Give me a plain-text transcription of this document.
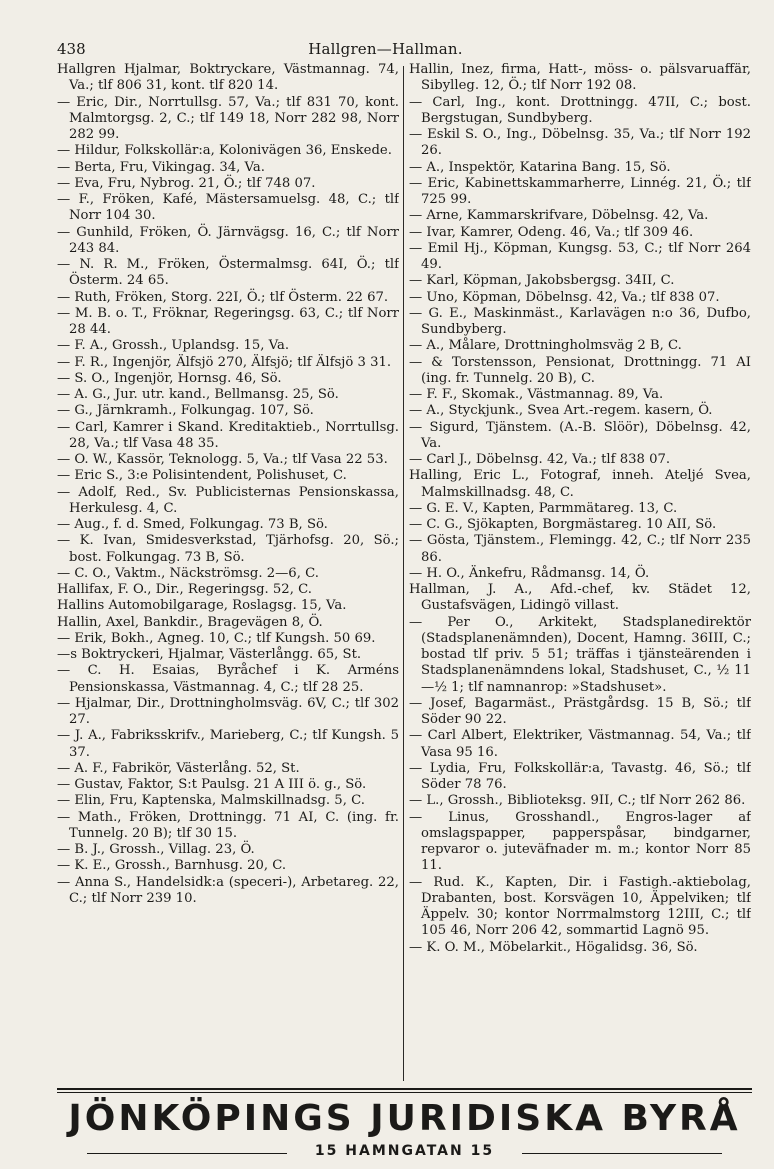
438	Hallgren—Hallman.
Hallgren Hjalmar, Boktryckare, Västmannag. 74, Va.; tlf 806 31, kont. tlf 820 14.
— Eric, Dir., Norrtullsg. 57, Va.; tlf 831 70, kont. Malmtorgsg. 2, C.; tlf 149 18, Norr 282 98, Norr 282 99.
— Hildur, Folkskollär:a, Kolonivägen 36, Enskede.
— Berta, Fru, Vikingag. 34, Va.
— Eva, Fru, Nybrog. 21, Ö.; tlf 748 07.
— F., Fröken, Kafé, Mästersamuelsg. 48, C.; tlf Norr 104 30.
— Gunhild, Fröken, Ö. Järnvägsg. 16, C.; tlf Norr 243 84.
— N. R. M., Fröken, Östermalmsg. 64I, Ö.; tlf Österm. 24 65.
— Ruth, Fröken, Storg. 22I, Ö.; tlf Österm. 22 67.
— M. B. o. T., Fröknar, Regeringsg. 63, C.; tlf Norr 28 44.
— F. A., Grossh., Uplandsg. 15, Va.
— F. R., Ingenjör, Älfsjö 270, Älfsjö; tlf Älfsjö 3 31.
— S. O., Ingenjör, Hornsg. 46, Sö.
— A. G., Jur. utr. kand., Bellmansg. 25, Sö.
— G., Järnkramh., Folkungag. 107, Sö.
— Carl, Kamrer i Skand. Kreditaktieb., Norrtullsg. 28, Va.; tlf Vasa 48 35.
— O. W., Kassör, Teknologg. 5, Va.; tlf Vasa 22 53.
— Eric S., 3:e Polisintendent, Polishuset, C.
— Adolf, Red., Sv. Publicisternas Pensionskassa, Herkulesg. 4, C.
— Aug., f. d. Smed, Folkungag. 73 B, Sö.
— K. Ivan, Smidesverkstad, Tjärhofsg. 20, Sö.; bost. Folkungag. 73 B, Sö.
— C. O., Vaktm., Näckströmsg. 2—6, C.
Hallifax, F. O., Dir., Regeringsg. 52, C.
Hallins Automobilgarage, Roslagsg. 15, Va.
Hallin, Axel, Bankdir., Bragevägen 8, Ö.
— Erik, Bokh., Agneg. 10, C.; tlf Kungsh. 50 69.
—s Boktryckeri, Hjalmar, Västerlångg. 65, St.
— C. H. Esaias, Byråchef i K. Arméns Pensionskassa, Västmannag. 4, C.; tlf 28 25.
— Hjalmar, Dir., Drottningholmsväg. 6V, C.; tlf 302 27.
— J. A., Fabriksskrifv., Marieberg, C.; tlf Kungsh. 5 37.
— A. F., Fabrikör, Västerlång. 52, St.
— Gustav, Faktor, S:t Paulsg. 21 A III ö. g., Sö.
— Elin, Fru, Kaptenska, Malmskillnadsg. 5, C.
— Math., Fröken, Drottningg. 71 AI, C. (ing. fr. Tunnelg. 20 B); tlf 30 15.
— B. J., Grossh., Villag. 23, Ö.
— K. E., Grossh., Barnhusg. 20, C.
— Anna S., Handelsidk:a (speceri-), Arbetareg. 22, C.; tlf Norr 239 10.
Hallin, Inez, firma, Hatt-, möss- o. pälsvaruaffär, Sibylleg. 12, Ö.; tlf Norr 192 08.
— Carl, Ing., kont. Drottningg. 47II, C.; bost. Bergstugan, Sundbyberg.
— Eskil S. O., Ing., Döbelnsg. 35, Va.; tlf Norr 192 26.
— A., Inspektör, Katarina Bang. 15, Sö.
— Eric, Kabinettskammarherre, Linnég. 21, Ö.; tlf 725 99.
— Arne, Kammarskrifvare, Döbelnsg. 42, Va.
— Ivar, Kamrer, Odeng. 46, Va.; tlf 309 46.
— Emil Hj., Köpman, Kungsg. 53, C.; tlf Norr 264 49.
— Karl, Köpman, Jakobsbergsg. 34II, C.
— Uno, Köpman, Döbelnsg. 42, Va.; tlf 838 07.
— G. E., Maskinmäst., Karlavägen n:o 36, Dufbo, Sundbyberg.
— A., Målare, Drottningholmsväg 2 B, C.
— & Torstensson, Pensionat, Drottningg. 71 AI (ing. fr. Tunnelg. 20 B), C.
— F. F., Skomak., Västmannag. 89, Va.
— A., Styckjunk., Svea Art.-regem. kasern, Ö.
— Sigurd, Tjänstem. (A.-B. Slöör), Döbelnsg. 42, Va.
— Carl J., Döbelnsg. 42, Va.; tlf 838 07.
Halling, Eric L., Fotograf, inneh. Ateljé Svea, Malmskillnadsg. 48, C.
— G. E. V., Kapten, Parmmätareg. 13, C.
— C. G., Sjökapten, Borgmästareg. 10 AII, Sö.
— Gösta, Tjänstem., Flemingg. 42, C.; tlf Norr 235 86.
— H. O., Änkefru, Rådmansg. 14, Ö.
Hallman, J. A., Afd.-chef, kv. Städet 12, Gustafsvägen, Lidingö villast.
— Per O., Arkitekt, Stadsplanedirektör (Stadsplanenämnden), Docent, Hamng. 36III, C.; bostad tlf priv. 5 51; träffas i tjänsteärenden i Stadsplanenämndens lokal, Stadshuset, C., ½ 11—½ 1; tlf namnanrop: »Stadshuset».
— Josef, Bagarmäst., Prästgårdsg. 15 B, Sö.; tlf Söder 90 22.
— Carl Albert, Elektriker, Västmannag. 54, Va.; tlf Vasa 95 16.
— Lydia, Fru, Folkskollär:a, Tavastg. 46, Sö.; tlf Söder 78 76.
— L., Grossh., Biblioteksg. 9II, C.; tlf Norr 262 86.
— Linus, Grosshandl., Engros-lager af omslagspapper, papperspåsar, bindgarner, repvaror o. juteväfnader m. m.; kontor Norr 85 11.
— Rud. K., Kapten, Dir. i Fastigh.-aktiebolag, Drabanten, bost. Korsvägen 10, Äppelviken; tlf Äppelv. 30; kontor Norrmalmstorg 12III, C.; tlf 105 46, Norr 206 42, sommartid Lagnö 95.
— K. O. M., Möbelarkit., Högalidsg. 36, Sö.
JÖNKÖPINGS JURIDISKA BYRÅ
15 HAMNGATAN 15
